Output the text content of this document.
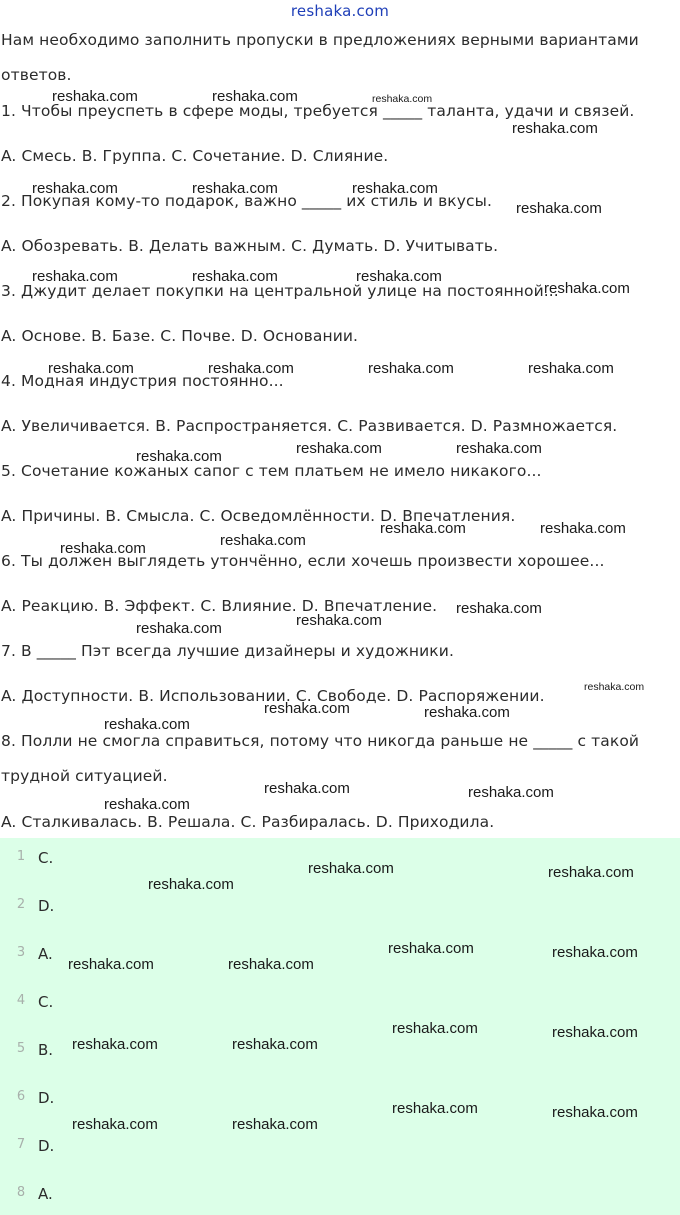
reshaka.com
Нам необходимо заполнить пропуски в предложениях верными вариантами
ответов.
1. Чтобы преуспеть в сфере моды, требуется _____ таланта, удачи и связей.
A. Смесь. B. Группа. C. Сочетание. D. Слияние.
2. Покупая кому-то подарок, важно _____ их стиль и вкусы.
A. Обозревать. B. Делать важным. C. Думать. D. Учитывать.
3. Джудит делает покупки на центральной улице на постоянной...
A. Основе. B. Базе. C. Почве. D. Основании.
4. Модная индустрия постоянно...
A. Увеличивается. B. Распространяется. C. Развивается. D. Размножается.
5. Сочетание кожаных сапог с тем платьем не имело никакого...
A. Причины. B. Смысла. C. Осведомлённости. D. Впечатления.
6. Ты должен выглядеть утончённо, если хочешь произвести хорошее...
A. Реакцию. B. Эффект. C. Влияние. D. Впечатление.
7. В _____ Пэт всегда лучшие дизайнеры и художники.
A. Доступности. B. Использовании. C. Свободе. D. Распоряжении.
8. Полли не смогла справиться, потому что никогда раньше не _____ с такой
трудной ситуацией.
A. Сталкивалась. B. Решала. C. Разбиралась. D. Приходила.
1 C.
2 D.
3 A.
4 C.
5 B.
6 D.
7 D.
8 A.
reshaka.com	reshaka.com	reshaka.com
reshaka.com
reshaka.com	reshaka.com	reshaka.com
reshaka.com
reshaka.com	reshaka.com	reshaka.com
reshaka.com
reshaka.com	reshaka.com	reshaka.com	reshaka.com
reshaka.com	reshaka.com
reshaka.com
reshaka.com	reshaka.com
reshaka.com
reshaka.com
reshaka.com
reshaka.com
reshaka.com
reshaka.com
reshaka.com	reshaka.com
reshaka.com
reshaka.com	reshaka.com
reshaka.com
reshaka.com	reshaka.com
reshaka.com
reshaka.com	reshaka.com
reshaka.com	reshaka.com
reshaka.com	reshaka.com
reshaka.com	reshaka.com
reshaka.com	reshaka.com
reshaka.com	reshaka.com
